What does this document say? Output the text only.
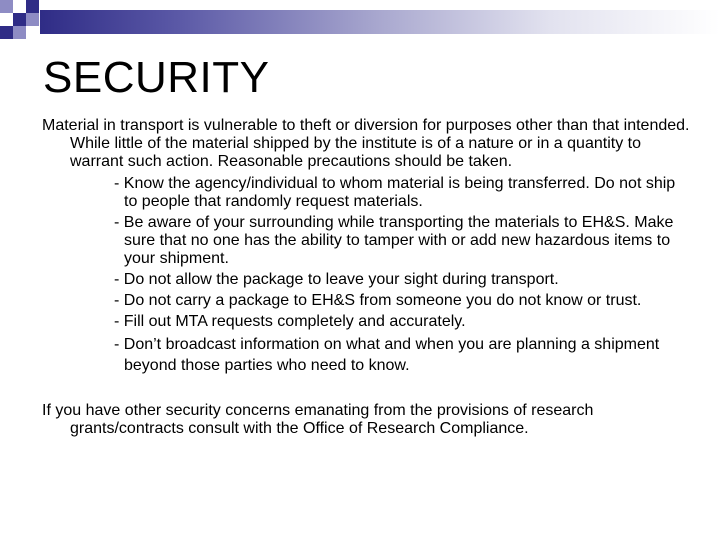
SECURITY

Material in transport is vulnerable to theft or diversion for purposes other than that intended. While little of the material shipped by the institute is of a nature or in a quantity to warrant such action. Reasonable precautions should be taken.

- Know the agency/individual to whom material is being transferred. Do not ship to people that randomly request materials.
- Be aware of your surrounding while transporting the materials to EH&S. Make sure that no one has the ability to tamper with or add new hazardous items to your shipment.
- Do not allow the package to leave your sight during transport.
- Do not carry a package to EH&S from someone you do not know or trust.
- Fill out MTA requests completely and accurately.
- Don’t broadcast information on what and when you are planning a shipment beyond those parties who need to know.

If you have other security concerns emanating from the provisions of research grants/contracts consult with the Office of Research Compliance.
